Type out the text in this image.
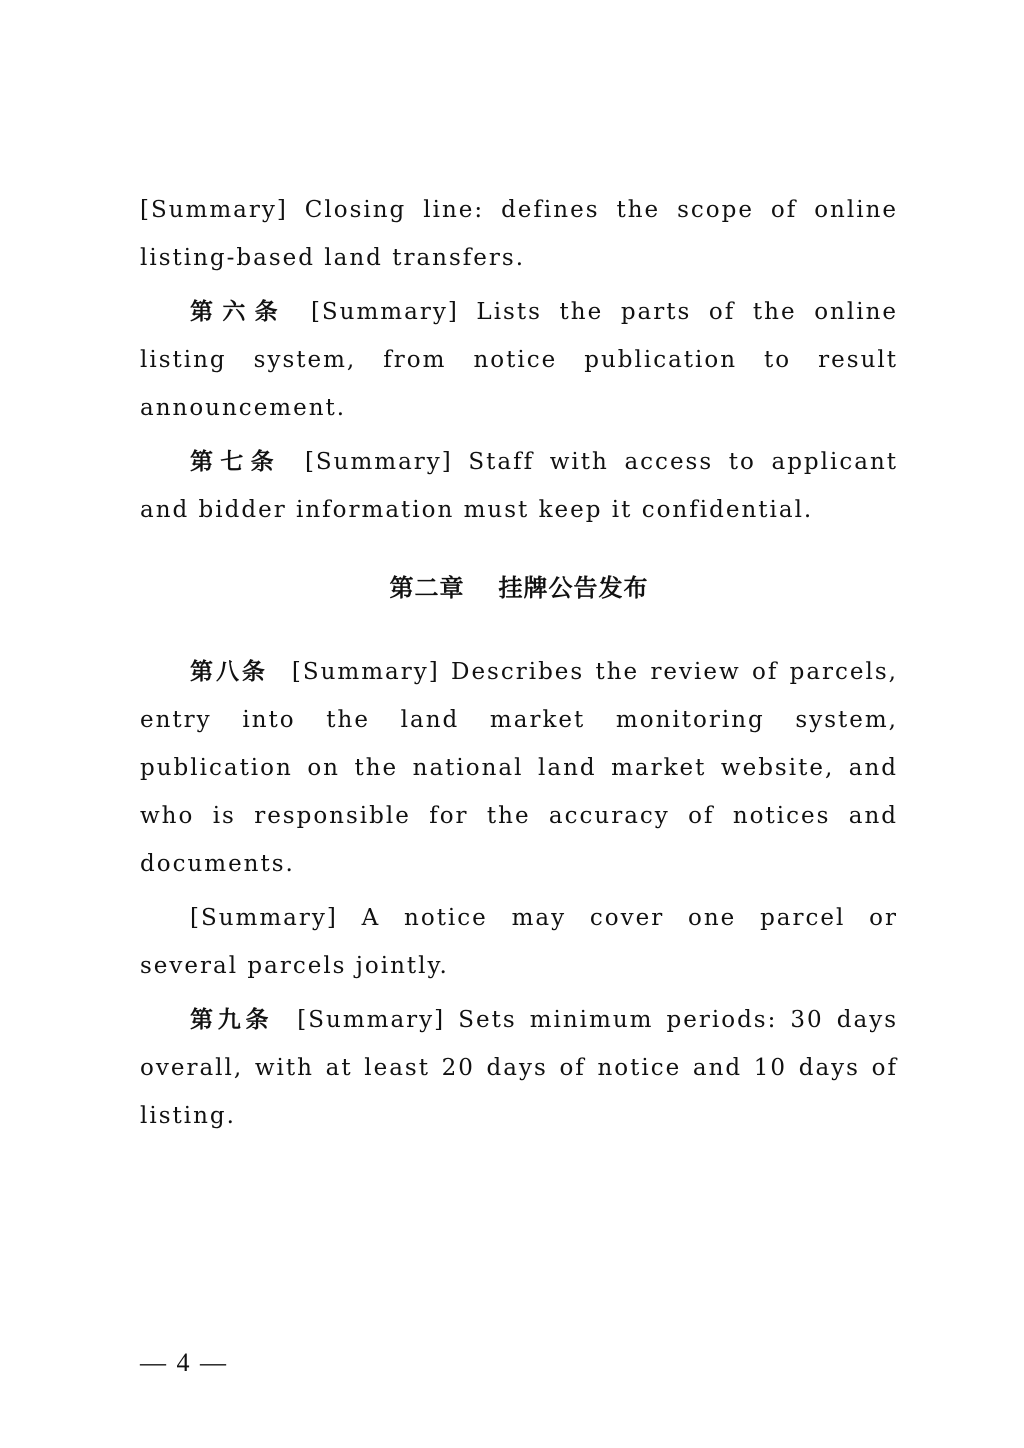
[Summary] Closing line: defines the scope of online listing-based land transfers.

第六条 [Summary] Lists the parts of the online listing system, from notice publication to result announcement.

第七条 [Summary] Staff with access to applicant and bidder information must keep it confidential.

第二章 挂牌公告发布

第八条 [Summary] Describes the review of parcels, entry into the land market monitoring system, publication on the national land market website, and who is responsible for the accuracy of notices and documents.

[Summary] A notice may cover one parcel or several parcels jointly.

第九条 [Summary] Sets minimum periods: 30 days overall, with at least 20 days of notice and 10 days of listing.

— 4 —
